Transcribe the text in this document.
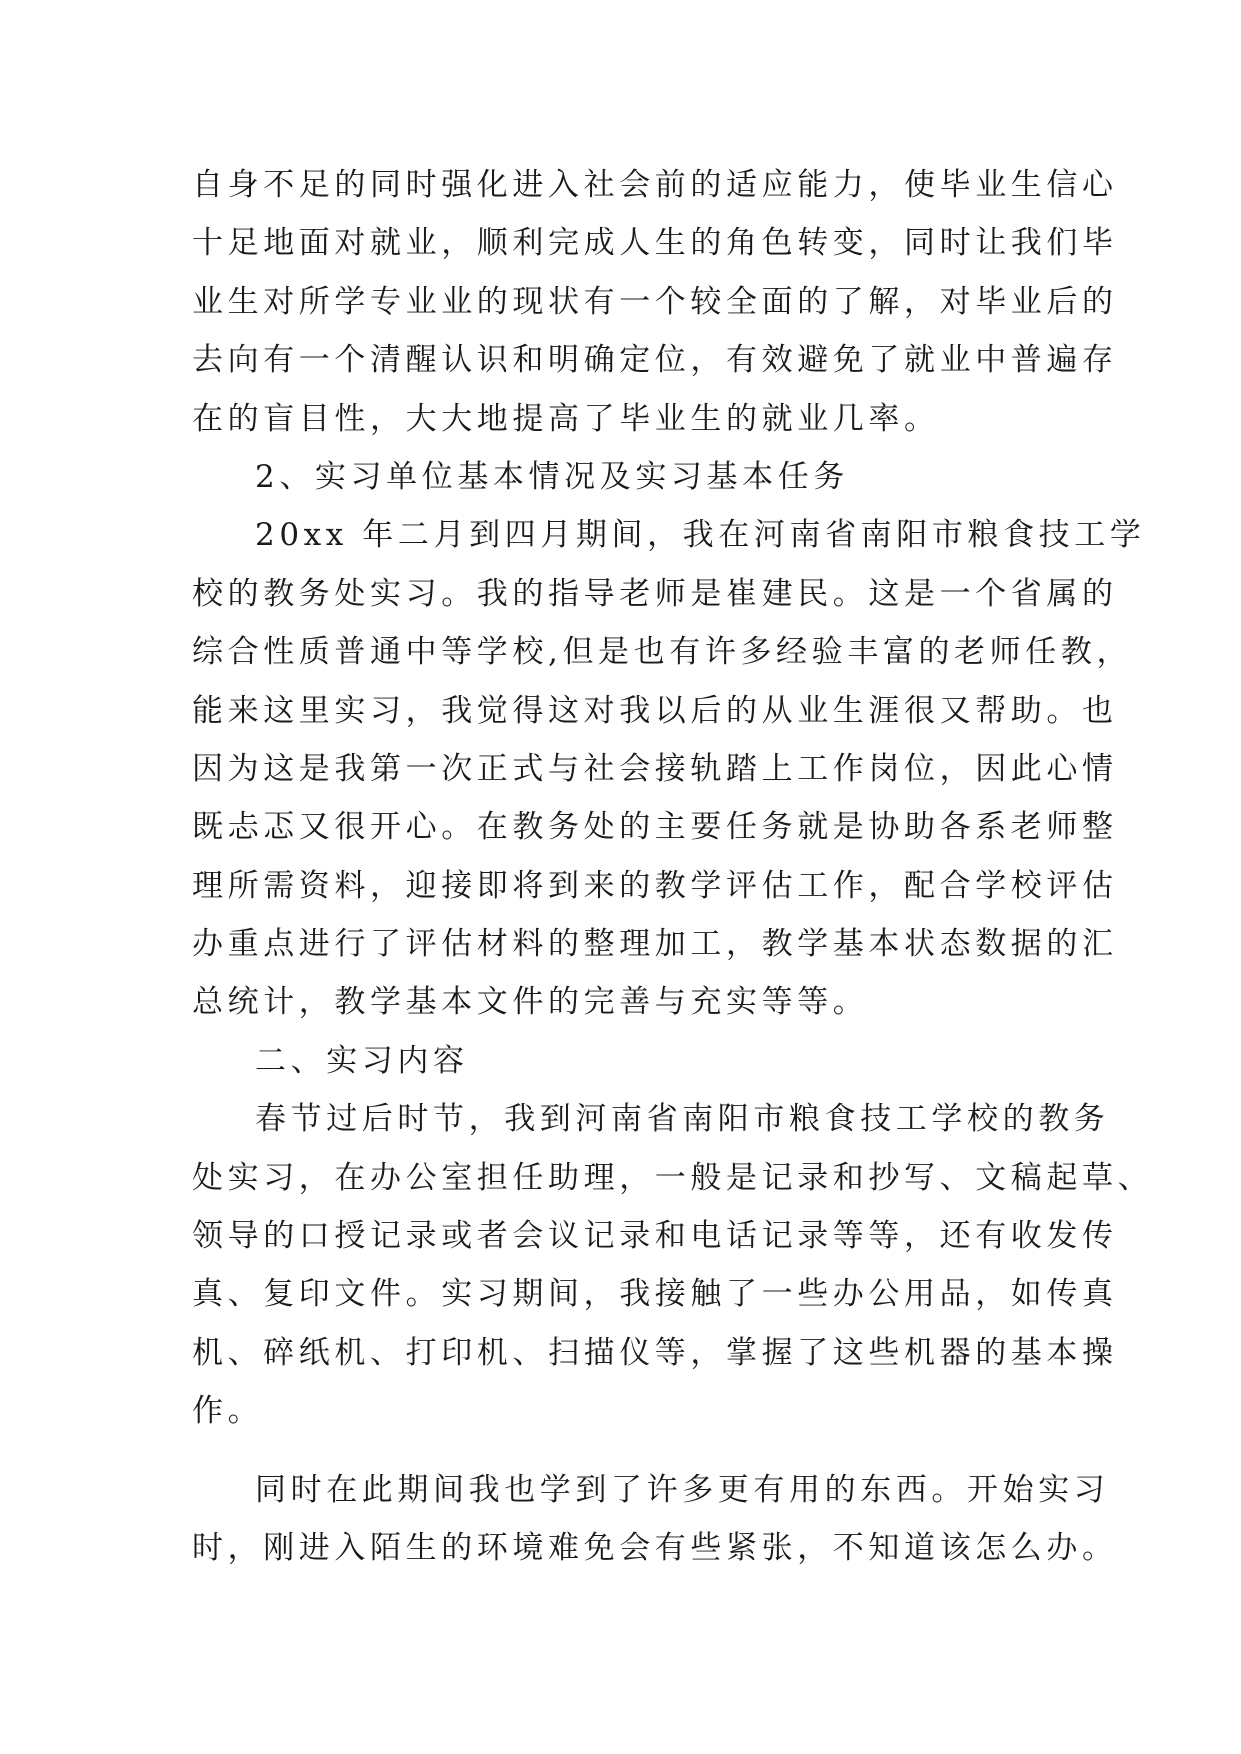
自身不足的同时强化进入社会前的适应能力，使毕业生信心
十足地面对就业，顺利完成人生的角色转变，同时让我们毕
业生对所学专业业的现状有一个较全面的了解，对毕业后的
去向有一个清醒认识和明确定位，有效避免了就业中普遍存
在的盲目性，大大地提高了毕业生的就业几率。
2、实习单位基本情况及实习基本任务
20xx 年二月到四月期间，我在河南省南阳市粮食技工学
校的教务处实习。我的指导老师是崔建民。这是一个省属的
综合性质普通中等学校,但是也有许多经验丰富的老师任教，
能来这里实习，我觉得这对我以后的从业生涯很又帮助。也
因为这是我第一次正式与社会接轨踏上工作岗位，因此心情
既忐忑又很开心。在教务处的主要任务就是协助各系老师整
理所需资料，迎接即将到来的教学评估工作，配合学校评估
办重点进行了评估材料的整理加工，教学基本状态数据的汇
总统计，教学基本文件的完善与充实等等。
二、实习内容
春节过后时节，我到河南省南阳市粮食技工学校的教务
处实习，在办公室担任助理，一般是记录和抄写、文稿起草、
领导的口授记录或者会议记录和电话记录等等，还有收发传
真、复印文件。实习期间，我接触了一些办公用品，如传真
机、碎纸机、打印机、扫描仪等，掌握了这些机器的基本操
作。
同时在此期间我也学到了许多更有用的东西。开始实习
时，刚进入陌生的环境难免会有些紧张，不知道该怎么办。
